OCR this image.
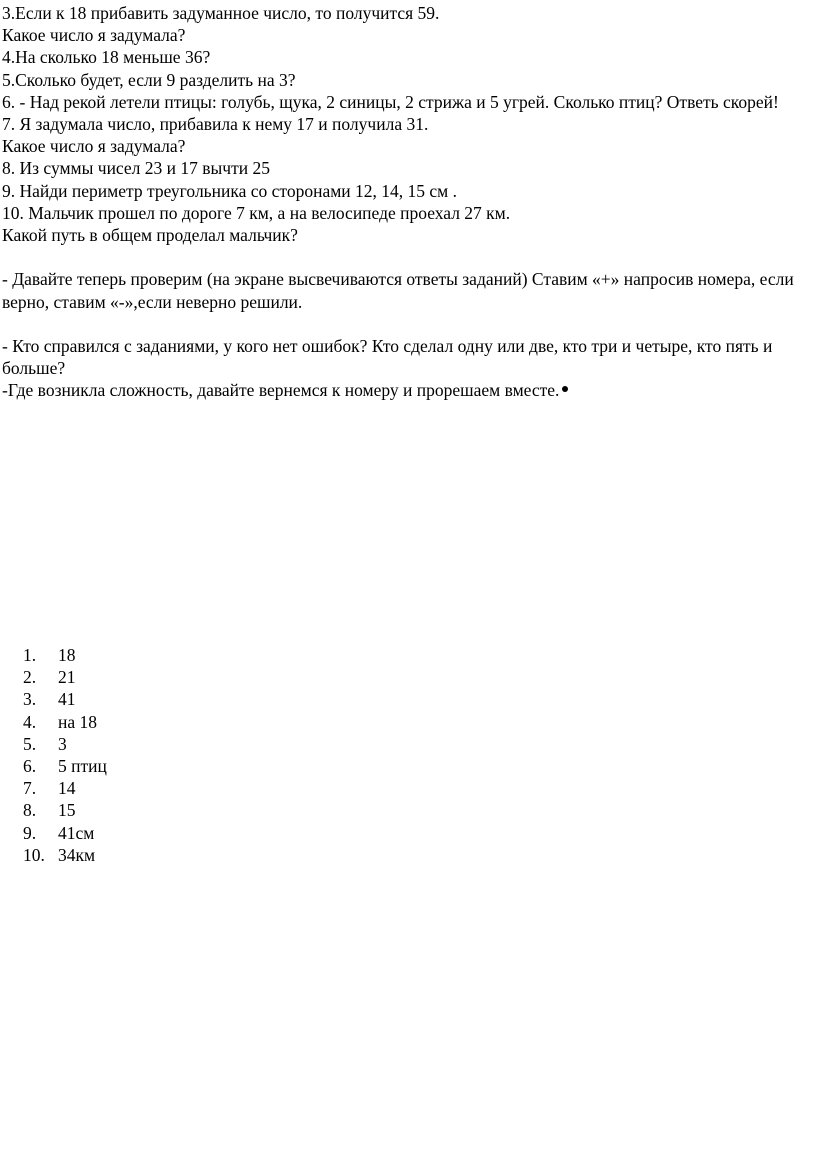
3.Если к 18 прибавить задуманное число, то получится 59.
Какое число я задумала?
4.На сколько 18 меньше 36?
5.Сколько будет, если 9 разделить на 3?
6. - Над рекой летели птицы: голубь, щука, 2 синицы, 2 стрижа и 5 угрей. Сколько птиц? Ответь скорей!
7. Я задумала число, прибавила к нему 17 и получила 31.
Какое число я задумала?
8. Из суммы чисел 23 и 17 вычти 25
9. Найди периметр треугольника со сторонами 12, 14, 15 см .
10. Мальчик прошел по дороге 7 км, а на велосипеде проехал 27 км.
Какой путь в общем проделал мальчик?
- Давайте теперь проверим (на экране высвечиваются ответы заданий) Ставим «+» напросив номера, если верно, ставим «-»,если неверно решили.
- Кто справился с заданиями, у кого нет ошибок? Кто сделал одну или две, кто три и четыре, кто пять и больше?
-Где возникла сложность, давайте вернемся к номеру и прорешаем вместе.
1.	18
2.	21
3.	41
4.	на 18
5.	3
6.	5 птиц
7.	14
8.	15
9.	41см
10. 34км
